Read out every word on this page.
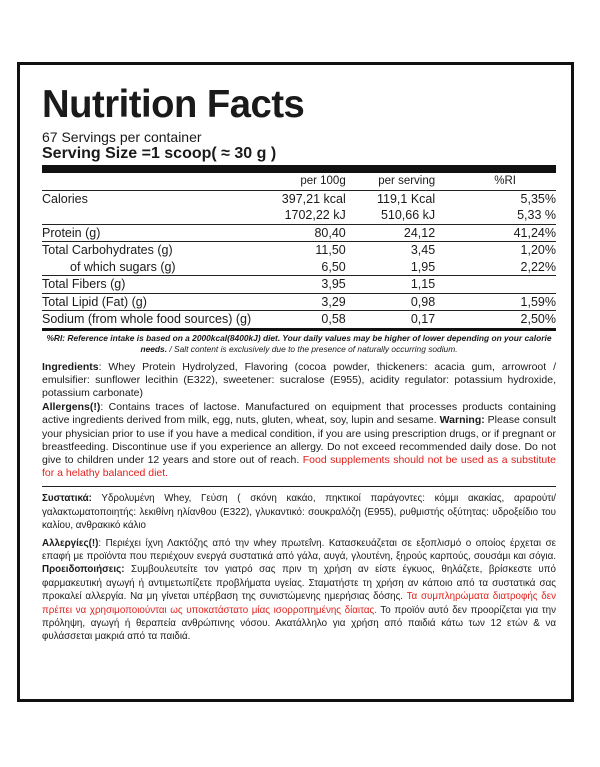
Nutrition Facts
67 Servings per container
Serving Size =1 scoop( ≈ 30 g )
	per 100g	per serving	%RI
Calories	397,21 kcal	119,1 Kcal	5,35%
	1702,22 kJ	510,66 kJ	5,33 %
Protein (g)	80,40	24,12	41,24%
Total Carbohydrates (g)	11,50	3,45	1,20%
of which sugars (g)	6,50	1,95	2,22%
Total Fibers (g)	3,95	1,15	
Total Lipid (Fat) (g)	3,29	0,98	1,59%
Sodium (from whole food sources) (g)	0,58	0,17	2,50%
%RI: Reference intake is based on a 2000kcal(8400kJ) diet. Your daily values may be higher of lower depending on your calorie needs. / Salt content is exclusively due to the presence of naturally occurring sodium.
Ingredients: Whey Protein Hydrolyzed, Flavoring (cocoa powder, thickeners: acacia gum, arrowroot / emulsifier: sunflower lecithin (E322), sweetener: sucralose (E955), acidity regulator: potassium hydroxide, potassium carbonate)
Allergens(!): Contains traces of lactose. Manufactured on equipment that processes products containing active ingredients derived from milk, egg, nuts, gluten, wheat, soy, lupin and sesame. Warning: Please consult your physician prior to use if you have a medical condition, if you are using prescription drugs, or if pregnant or breastfeeding. Discontinue use if you experience an allergy. Do not exceed recommended daily dose. Do not give to children under 12 years and store out of reach. Food supplements should not be used as a substitute for a helathy balanced diet.
Συστατικά: Υδρολυμένη Whey, Γεύση ( σκόνη κακάο, πηκτικοί παράγοντες: κόμμι ακακίας, αραρούτι/ γαλακτωματοποιητής: λεκιθίνη ηλίανθου (E322), γλυκαντικό: σουκραλόζη (E955), ρυθμιστής οξύτητας: υδροξείδιο του καλίου, ανθρακικό κάλιο
Αλλεργίες(!): Περιέχει ίχνη Λακτόζης από την whey πρωτεΐνη. Κατασκευάζεται σε εξοπλισμό ο οποίος έρχεται σε επαφή με προϊόντα που περιέχουν ενεργά συστατικά από γάλα, αυγά, γλουτένη, ξηρούς καρπούς, σουσάμι και σόγια. Προειδοποιήσεις: Συμβουλευτείτε τον γιατρό σας πριν τη χρήση αν είστε έγκυος, θηλάζετε, βρίσκεστε υπό φαρμακευτική αγωγή ή αντιμετωπίζετε προβλήματα υγείας. Σταματήστε τη χρήση αν κάποιο από τα συστατικά σας προκαλεί αλλεργία. Να μη γίνεται υπέρβαση της συνιστώμενης ημερήσιας δόσης. Τα συμπληρώματα διατροφής δεν πρέπει να χρησιμοποιούνται ως υποκατάστατο μίας ισορροπημένης δίαιτας. Το προϊόν αυτό δεν προορίζεται για την πρόληψη, αγωγή ή θεραπεία ανθρώπινης νόσου. Ακατάλληλο για χρήση από παιδιά κάτω των 12 ετών & να φυλάσσεται μακριά από τα παιδιά.
